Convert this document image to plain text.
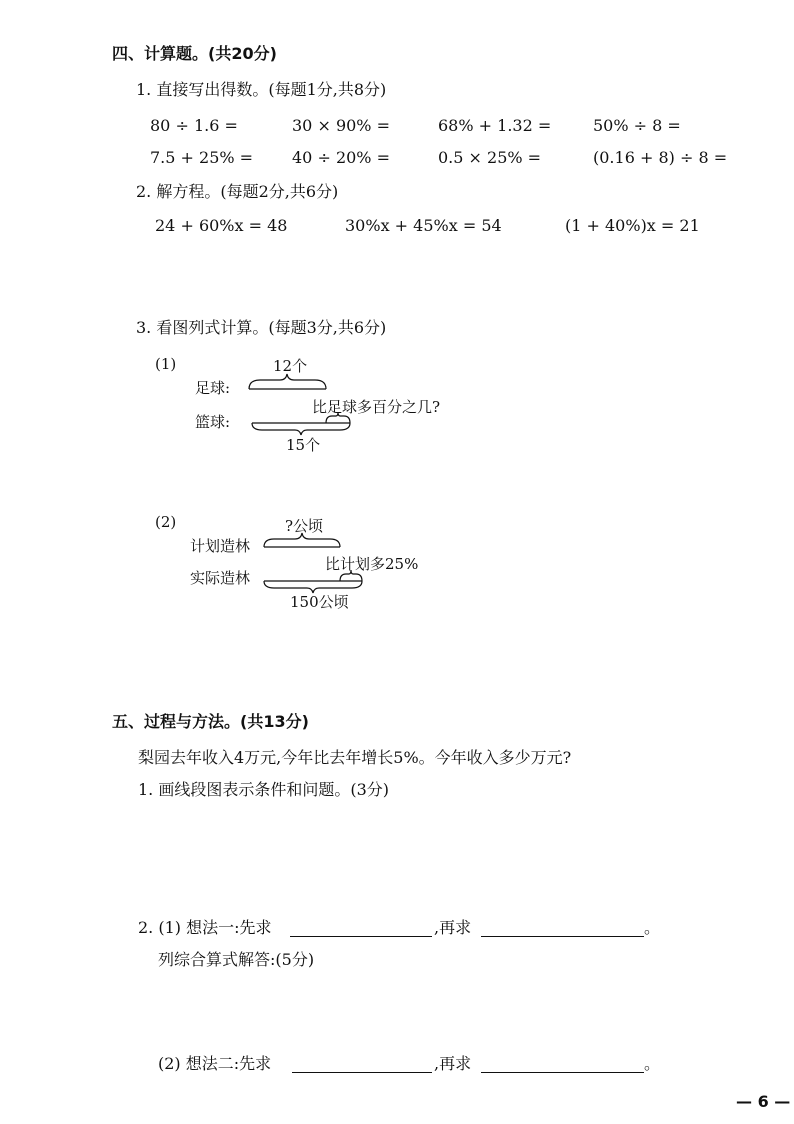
四、计算题。(共20分)
1. 直接写出得数。(每题1分,共8分)
80 ÷ 1.6 =	30 × 90% =	68% + 1.32 =	50% ÷ 8 =
7.5 + 25% = 40 ÷ 20% =	0.5 × 25% =	(0.16 + 8) ÷ 8 =
2. 解方程。(每题2分,共6分)
24 + 60%x = 48	30%x + 45%x = 54	(1 + 40%)x = 21
3. 看图列式计算。(每题3分,共6分)
(1)	12个
足球:
比足球多百分之几?
篮球:
15个
(2)	?公顷
计划造林
比计划多25%
实际造林
150公顷
五、过程与方法。(共13分)
梨园去年收入4万元,今年比去年增长5%。今年收入多少万元?
1. 画线段图表示条件和问题。(3分)
2. (1) 想法一:先求	,再求	。
列综合算式解答:(5分)
(2) 想法二:先求	,再求	。
— 6 —
